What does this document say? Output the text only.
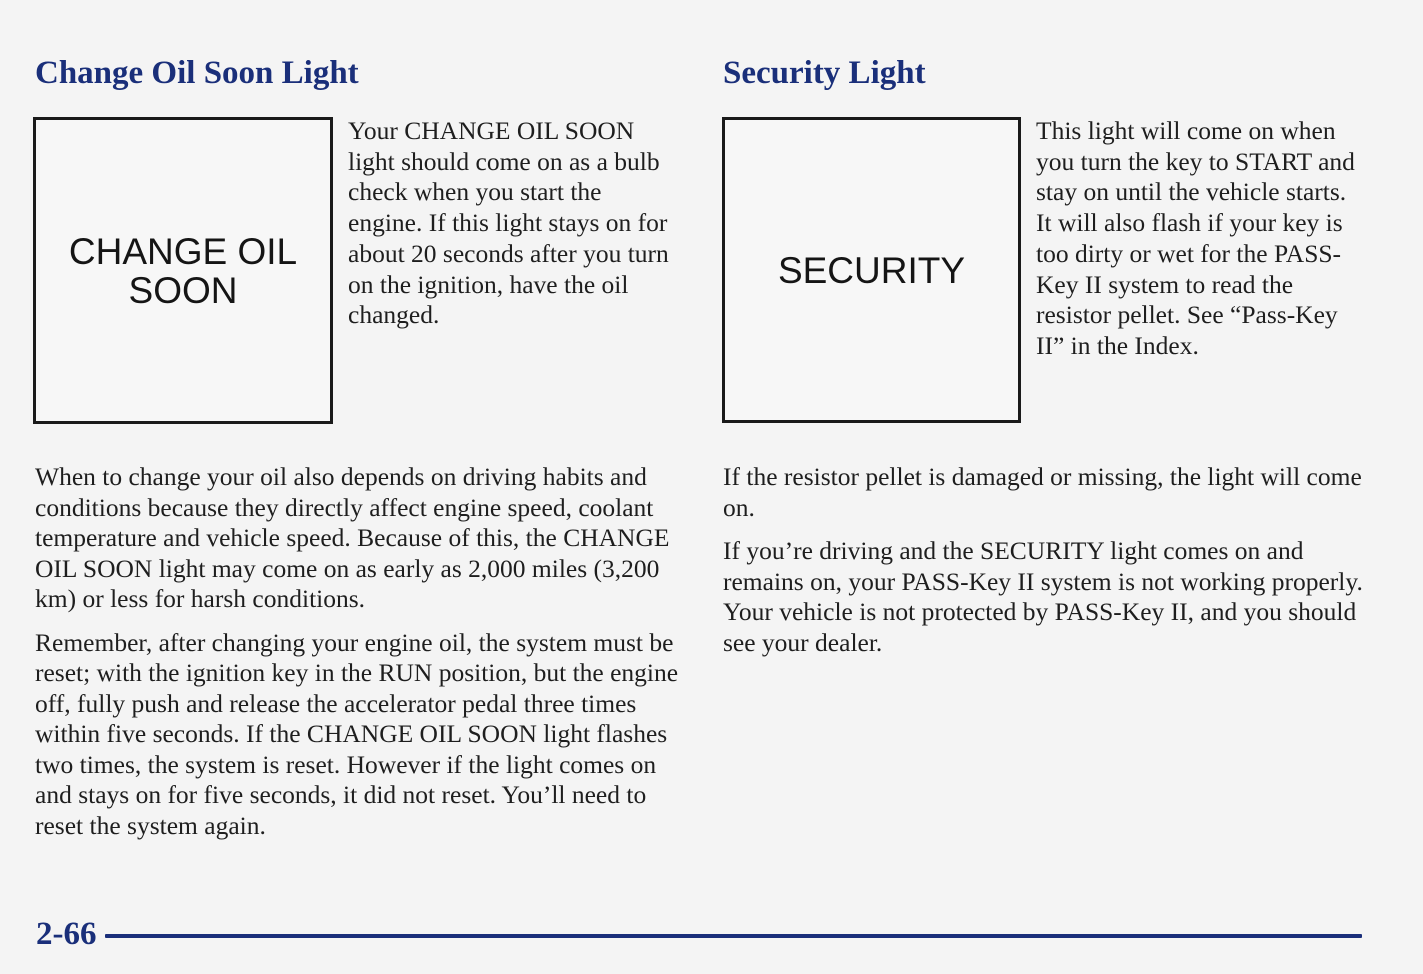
Change Oil Soon Light
CHANGE OIL
SOON

Your CHANGE OIL SOON light should come on as a bulb check when you start the engine. If this light stays on for about 20 seconds after you turn on the ignition, have the oil changed.

When to change your oil also depends on driving habits and conditions because they directly affect engine speed, coolant temperature and vehicle speed. Because of this, the CHANGE OIL SOON light may come on as early as 2,000 miles (3,200 km) or less for harsh conditions.

Remember, after changing your engine oil, the system must be reset; with the ignition key in the RUN position, but the engine off, fully push and release the accelerator pedal three times within five seconds. If the CHANGE OIL SOON light flashes two times, the system is reset. However if the light comes on and stays on for five seconds, it did not reset. You’ll need to reset the system again.

Security Light
SECURITY

This light will come on when you turn the key to START and stay on until the vehicle starts. It will also flash if your key is too dirty or wet for the PASS-Key II system to read the resistor pellet. See “Pass-Key II” in the Index.

If the resistor pellet is damaged or missing, the light will come on.

If you’re driving and the SECURITY light comes on and remains on, your PASS-Key II system is not working properly. Your vehicle is not protected by PASS-Key II, and you should see your dealer.

2-66
